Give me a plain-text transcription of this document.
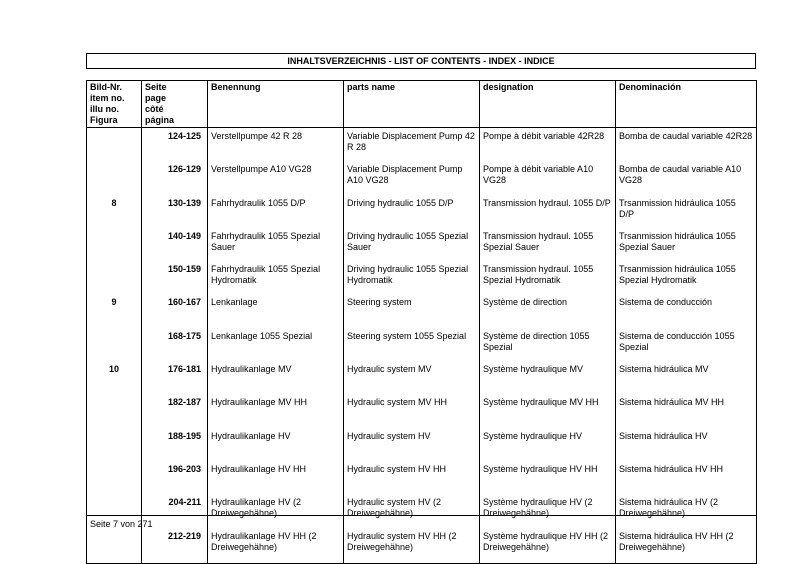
INHALTSVERZEICHNIS - LIST OF CONTENTS - INDEX - INDICE
Bild-Nr.
item no.
illu no.
Figura	Seite
page
côté
página	Benennung	parts name	designation	Denominación
	124-125	Verstellpumpe 42 R 28	Variable Displacement Pump 42 R 28	Pompe à débit variable 42R28	Bomba de caudal variable 42R28
	126-129	Verstellpumpe A10 VG28	Variable Displacement Pump A10 VG28	Pompe à débit variable A10 VG28	Bomba de caudal variable A10 VG28
8	130-139	Fahrhydraulik 1055 D/P	Driving hydraulic 1055 D/P	Transmission hydraul. 1055 D/P	Trsanmission hidráulica 1055 D/P
	140-149	Fahrhydraulik 1055 Spezial Sauer	Driving hydraulic 1055 Spezial Sauer	Transmission hydraul. 1055 Spezial Sauer	Trsanmission hidráulica 1055 Spezial Sauer
	150-159	Fahrhydraulik 1055 Spezial Hydromatik	Driving hydraulic 1055 Spezial Hydromatik	Transmission hydraul. 1055 Spezial Hydromatik	Trsanmission hidráulica 1055 Spezial Hydromatik
9	160-167	Lenkanlage	Steering system	Système de direction	Sistema de conducción
	168-175	Lenkanlage 1055 Spezial	Steering system 1055 Spezial	Système de direction 1055 Spezial	Sistema de conducción 1055 Spezial
10	176-181	Hydraulikanlage MV	Hydraulic system MV	Système hydraulique MV	Sistema hidráulica MV
	182-187	Hydraulikanlage MV HH	Hydraulic system MV HH	Système hydraulique MV HH	Sistema hidráulica MV HH
	188-195	Hydraulikanlage HV	Hydraulic system HV	Système hydraulique HV	Sistema hidráulica HV
	196-203	Hydraulikanlage HV HH	Hydraulic system HV HH	Système hydraulique HV HH	Sistema hidráulica HV HH
	204-211	Hydraulikanlage HV (2 Dreiwegehähne)	Hydraulic system HV (2 Dreiwegehähne)	Système hydraulique HV (2 Dreiwegehähne)	Sistema hidráulica HV (2 Dreiwegehähne)
	212-219	Hydraulikanlage HV HH (2 Dreiwegehähne)	Hydraulic system HV HH (2 Dreiwegehähne)	Système hydraulique HV HH (2 Dreiwegehähne)	Sistema hidráulica HV HH (2 Dreiwegehähne)
Seite 7 von 271
